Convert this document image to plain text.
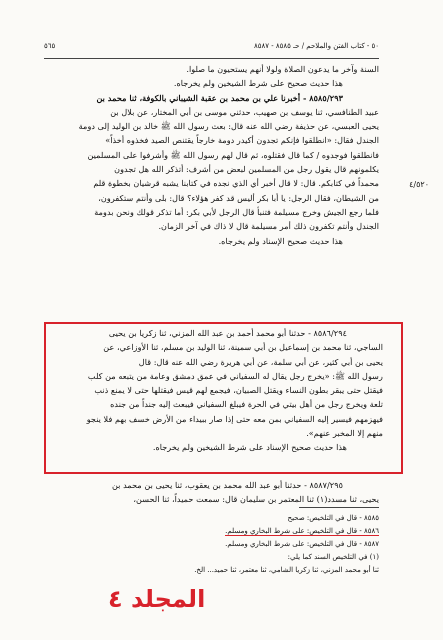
٥٠ - كتاب الفتن والملاحم / حـ ٨٥٨٥ - ٨٥٨٧
٥٦٥
٤/٥٢٠

السنة وآخر ما يدعون الصلاة ولولا أنهم يستحيون ما صلوا.

هذا حديث صحيح على شرط الشيخين ولم يخرجاه.

٨٥٨٥/٢٩٣ - أخبرنا علي بن محمد بن عقبة الشيباني بالكوفة، ثنا محمد بن

عبيد الطنافسي، ثنا يوسف بن صهيب، حدثني موسى بن أبي المختار، عن بلال بن

يحيى العبسي، عن حذيفة رضي الله عنه قال: بعث رسول الله ﷺ خالد بن الوليد إلى دومة

الجندل فقال: «انطلقوا فإنكم تجدون أكيدر دومة خارجاً يقتنص الصيد فخذوه أخذاً»

فانطلقوا فوجدوه / كما قال فقتلوه، ثم قال لهم رسول الله ﷺ وأشرفوا على المسلمين

يكلمونهم قال يقول رجل من المسلمين لبعض من أشرف: أتذكر الله هل تجدون

محمداً في كتابكم. قال: لا قال أخبر أي الذي نجده في كتابنا يشبه قرشيان بخطوة قلم

من الشيطان، فقال الرجل: يا أبا بكر أليس قد كفر هؤلاء؟ قال: بلى وأنتم ستكفرون،

فلما رجع الجيش وخرج مسيلمة فتنبأ قال الرجل لأبي بكر: أما تذكر قولك ونحن بدومة

الجندل وأنتم تكفرون ذلك أمر مسيلمة قال لا ذاك في آخر الزمان.

هذا حديث صحيح الإسناد ولم يخرجاه.

٨٥٨٦/٢٩٤ - حدثنا أبو محمد أحمد بن عبد الله المزني، ثنا زكريا بن يحيى

الساجي، ثنا محمد بن إسماعيل بن أبي سمينة، ثنا الوليد بن مسلم، ثنا الأوزاعي، عن

يحيى بن أبي كثير، عن أبي سلمة، عن أبي هريرة رضي الله عنه قال: قال

رسول الله ﷺ: «يخرج رجل يقال له السفياني في عمق دمشق وعامة من يتبعه من كلب

فيقتل حتى يبقر بطون النساء ويقتل الصبيان، فيجمع لهم قيس فيقتلها حتى لا يمنع ذنب

تلعة ويخرج رجل من أهل بيتي في الحرة فيبلغ السفياني فيبعث إليه جنداً من جنده

فيهزمهم فيسير إليه السفياني بمن معه حتى إذا صار ببيداء من الأرض خسف بهم فلا ينجو

منهم إلا المخبر عنهم».

هذا حديث صحيح الإسناد على شرط الشيخين ولم يخرجاه.

٨٥٨٧/٢٩٥ - حدثنا أبو عبد الله محمد بن يعقوب، ثنا يحيى بن محمد بن

يحيى، ثنا مسدد(١) ثنا المعتمر بن سليمان قال: سمعت حميداً، ثنا الحسن،

٨٥٨٥ - قال في التلخيص: صحيح

٨٥٨٦ - قال في التلخيص: على شرط البخاري ومسلم.

٨٥٨٧ - قال في التلخيص: على شرط البخاري ومسلم.

(١) في التلخيص السند كما يلي:

ثنا أبو محمد المزني، ثنا زكريا الشامي، ثنا معتمر، ثنا حميد... الخ.

المجلد ٤
